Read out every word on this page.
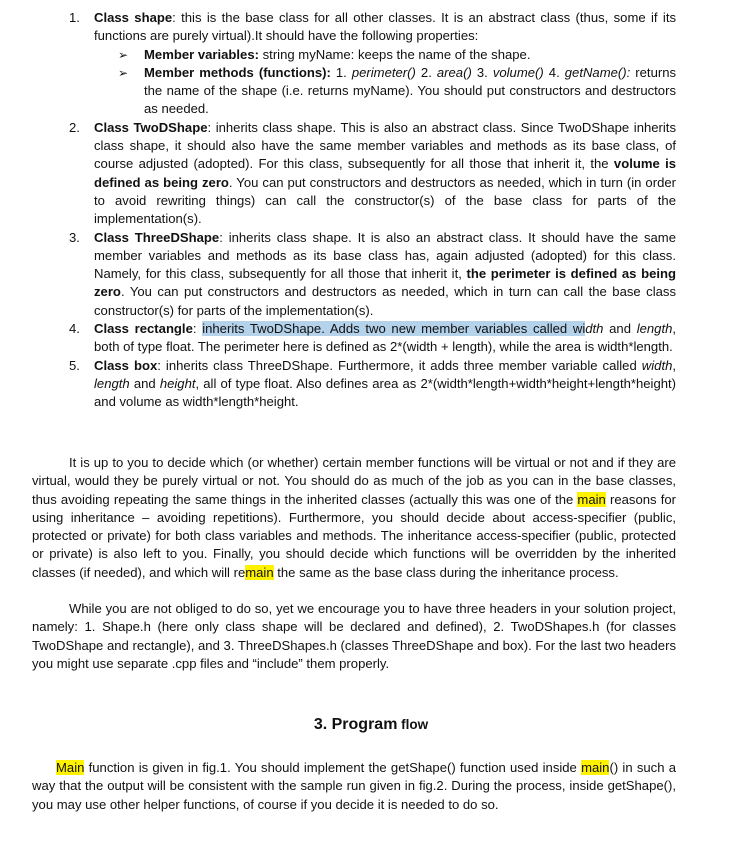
1. Class shape: this is the base class for all other classes. It is an abstract class (thus, some if its functions are purely virtual).It should have the following properties:
➢ Member variables: string myName: keeps the name of the shape.
➢ Member methods (functions): 1. perimeter() 2. area() 3. volume() 4. getName(): returns the name of the shape (i.e. returns myName). You should put constructors and destructors as needed.
2. Class TwoDShape: inherits class shape. This is also an abstract class. Since TwoDShape inherits class shape, it should also have the same member variables and methods as its base class, of course adjusted (adopted). For this class, subsequently for all those that inherit it, the volume is defined as being zero. You can put constructors and destructors as needed, which in turn (in order to avoid rewriting things) can call the constructor(s) of the base class for parts of the implementation(s).
3. Class ThreeDShape: inherits class shape. It is also an abstract class. It should have the same member variables and methods as its base class has, again adjusted (adopted) for this class. Namely, for this class, subsequently for all those that inherit it, the perimeter is defined as being zero. You can put constructors and destructors as needed, which in turn can call the base class constructor(s) for parts of the implementation(s).
4. Class rectangle: inherits TwoDShape. Adds two new member variables called width and length, both of type float. The perimeter here is defined as 2*(width + length), while the area is width*length.
5. Class box: inherits class ThreeDShape. Furthermore, it adds three member variable called width, length and height, all of type float. Also defines area as 2*(width*length+width*height+length*height) and volume as width*length*height.

It is up to you to decide which (or whether) certain member functions will be virtual or not and if they are virtual, would they be purely virtual or not. You should do as much of the job as you can in the base classes, thus avoiding repeating the same things in the inherited classes (actually this was one of the main reasons for using inheritance – avoiding repetitions). Furthermore, you should decide about access-specifier (public, protected or private) for both class variables and methods. The inheritance access-specifier (public, protected or private) is also left to you. Finally, you should decide which functions will be overridden by the inherited classes (if needed), and which will remain the same as the base class during the inheritance process.

While you are not obliged to do so, yet we encourage you to have three headers in your solution project, namely: 1. Shape.h (here only class shape will be declared and defined), 2. TwoDShapes.h (for classes TwoDShape and rectangle), and 3. ThreeDShapes.h (classes ThreeDShape and box). For the last two headers you might use separate .cpp files and “include” them properly.

3. Program flow

Main function is given in fig.1. You should implement the getShape() function used inside main() in such a way that the output will be consistent with the sample run given in fig.2. During the process, inside getShape(), you may use other helper functions, of course if you decide it is needed to do so.
